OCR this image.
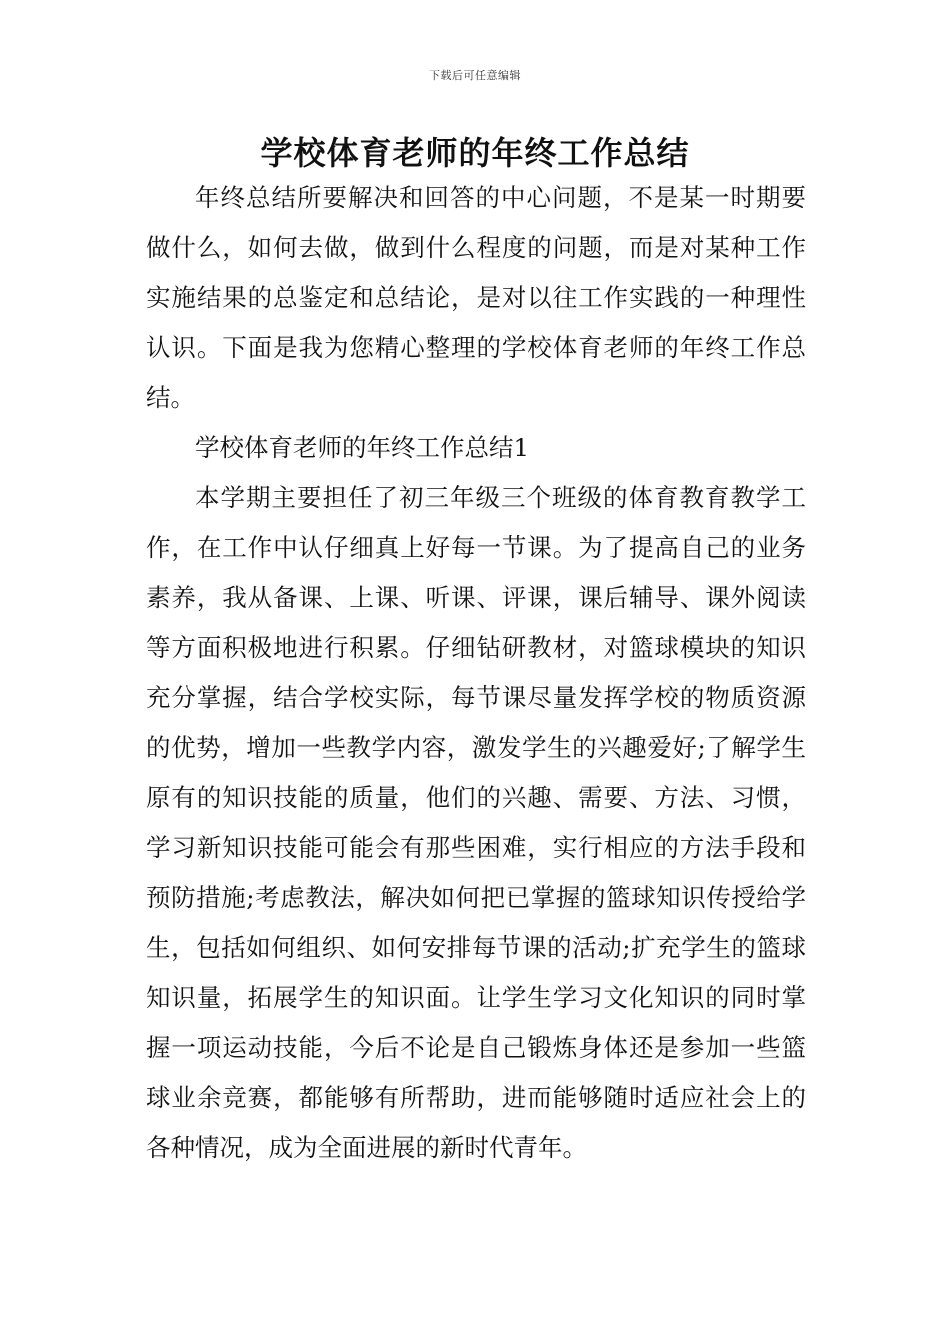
下载后可任意编辑
学校体育老师的年终工作总结

年终总结所要解决和回答的中心问题，不是某一时期要做什么，如何去做，做到什么程度的问题，而是对某种工作实施结果的总鉴定和总结论，是对以往工作实践的一种理性认识。下面是我为您精心整理的学校体育老师的年终工作总结。

学校体育老师的年终工作总结1

本学期主要担任了初三年级三个班级的体育教育教学工作，在工作中认仔细真上好每一节课。为了提高自己的业务素养，我从备课、上课、听课、评课，课后辅导、课外阅读等方面积极地进行积累。仔细钻研教材，对篮球模块的知识充分掌握，结合学校实际，每节课尽量发挥学校的物质资源的优势，增加一些教学内容，激发学生的兴趣爱好;了解学生原有的知识技能的质量，他们的兴趣、需要、方法、习惯，学习新知识技能可能会有那些困难，实行相应的方法手段和预防措施;考虑教法，解决如何把已掌握的篮球知识传授给学生，包括如何组织、如何安排每节课的活动;扩充学生的篮球知识量，拓展学生的知识面。让学生学习文化知识的同时掌握一项运动技能，今后不论是自己锻炼身体还是参加一些篮球业余竞赛，都能够有所帮助，进而能够随时适应社会上的各种情况，成为全面进展的新时代青年。
